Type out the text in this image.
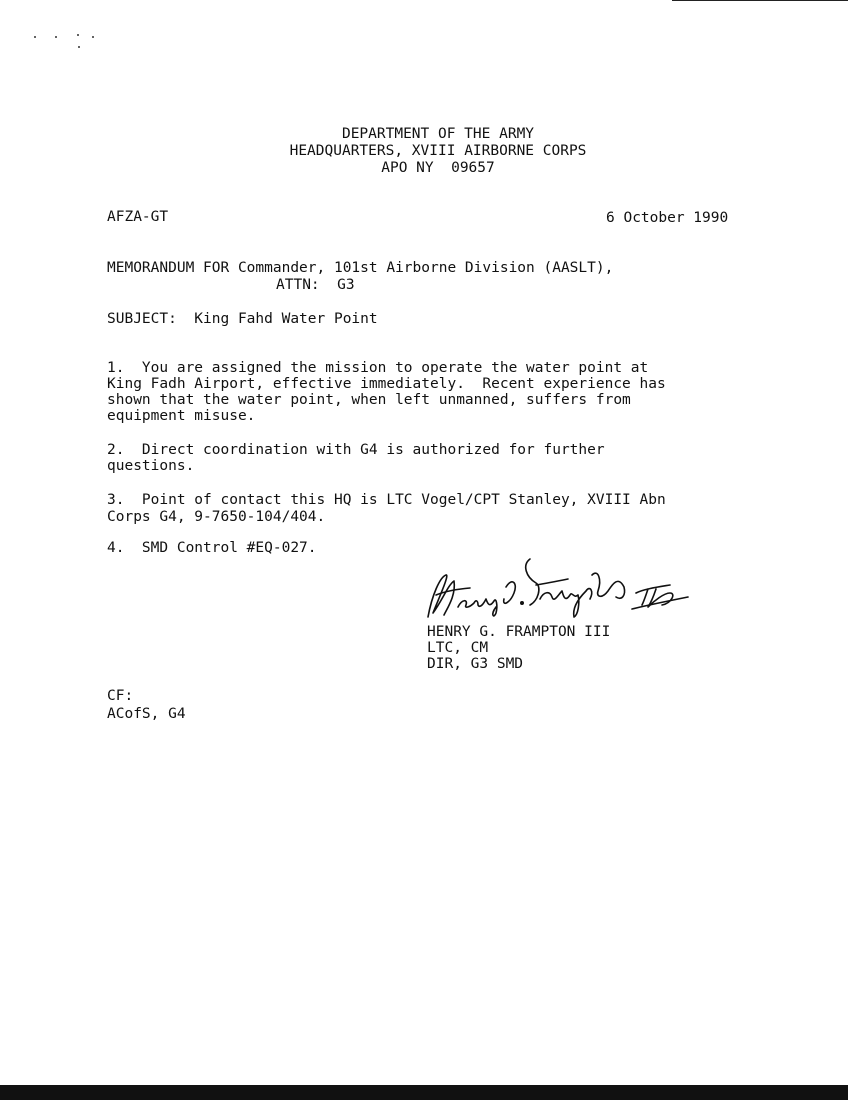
DEPARTMENT OF THE ARMY
HEADQUARTERS, XVIII AIRBORNE CORPS
APO NY  09657
AFZA-GT	6 October 1990
MEMORANDUM FOR Commander, 101st Airborne Division (AASLT),
ATTN:  G3
SUBJECT:  King Fahd Water Point
1.  You are assigned the mission to operate the water point at
King Fadh Airport, effective immediately.  Recent experience has
shown that the water point, when left unmanned, suffers from
equipment misuse.
2.  Direct coordination with G4 is authorized for further
questions.
3.  Point of contact this HQ is LTC Vogel/CPT Stanley, XVIII Abn
Corps G4, 9-7650-104/404.
4.  SMD Control #EQ-027.
HENRY G. FRAMPTON III
LTC, CM
DIR, G3 SMD
CF:
ACofS, G4
